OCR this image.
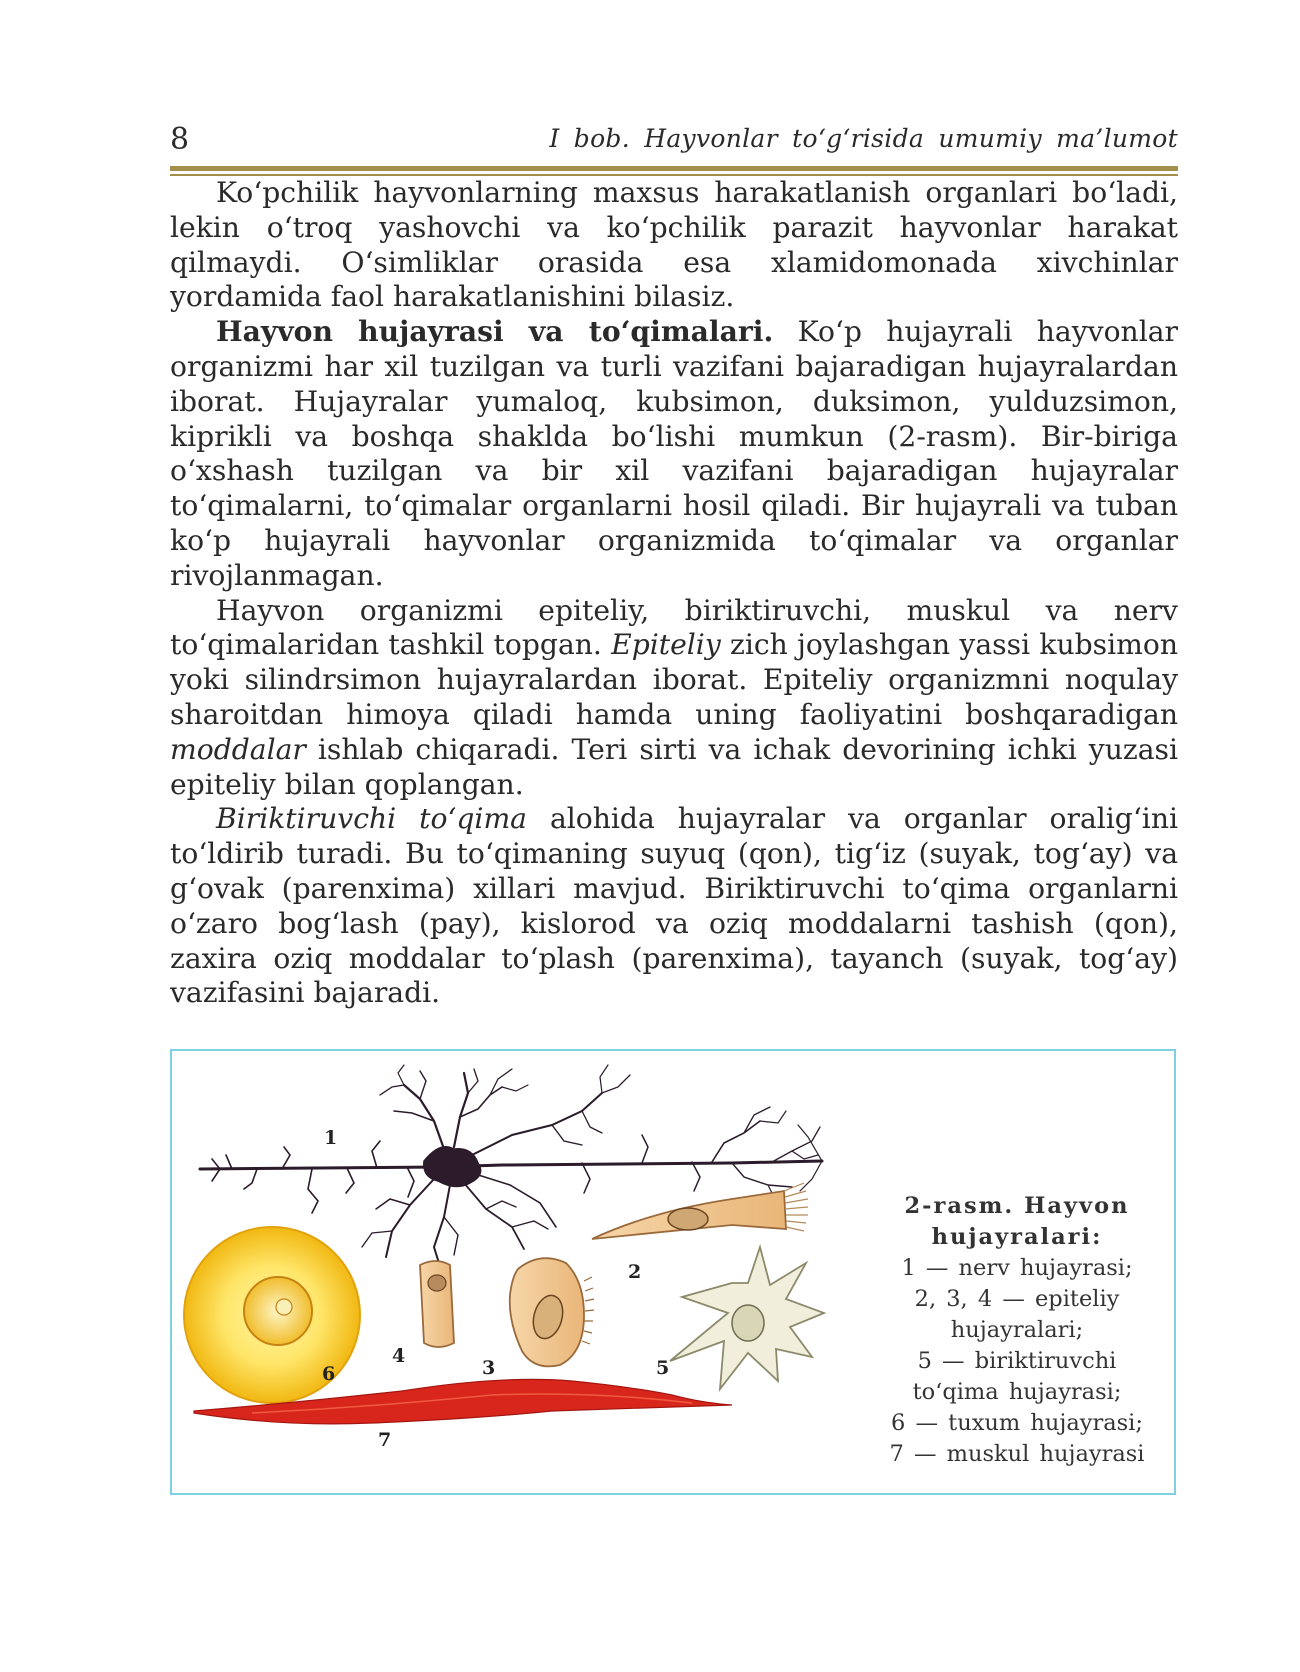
8	I bob. Hayvonlar to‘g‘risida umumiy ma’lumot

Ko‘pchilik hayvonlarning maxsus harakatlanish organlari bo‘ladi, lekin o‘troq yashovchi va ko‘pchilik parazit hayvonlar harakat qilmaydi. O‘simliklar orasida esa xlamidomonada xivchinlar yordamida faol harakatlanishini bilasiz.

Hayvon hujayrasi va to‘qimalari. Ko‘p hujayrali hayvonlar organizmi har xil tuzilgan va turli vazifani bajaradigan hujayralardan iborat. Hujayralar yumaloq, kubsimon, duksimon, yulduzsimon, kiprikli va boshqa shaklda bo‘lishi mumkun (2-rasm). Bir-biriga o‘xshash tuzilgan va bir xil vazifani bajaradigan hujayralar to‘qimalarni, to‘qimalar organlarni hosil qiladi. Bir hujayrali va tuban ko‘p hujayrali hayvonlar organizmida to‘qimalar va organlar rivojlanmagan.

Hayvon organizmi epiteliy, biriktiruvchi, muskul va nerv to‘qimalaridan tashkil topgan. Epiteliy zich joylashgan yassi kubsimon yoki silindrsimon hujayralardan iborat. Epiteliy organizmni noqulay sharoitdan himoya qiladi hamda uning faoliyatini boshqaradigan moddalar ishlab chiqaradi. Teri sirti va ichak devorining ichki yuzasi epiteliy bilan qoplangan.

Biriktiruvchi to‘qima alohida hujayralar va organlar oralig‘ini to‘ldirib turadi. Bu to‘qimaning suyuq (qon), tig‘iz (suyak, tog‘ay) va g‘ovak (parenxima) xillari mavjud. Biriktiruvchi to‘qima organlarni o‘zaro bog‘lash (pay), kislorod va oziq moddalarni tashish (qon), zaxira oziq moddalar to‘plash (parenxima), tayanch (suyak, tog‘ay) vazifasini bajaradi.

1
2
3
4
5
6
7
2-rasm. Hayvon
hujayralari:
1 — nerv hujayrasi;
2, 3, 4 — epiteliy
hujayralari;
5 — biriktiruvchi
to‘qima hujayrasi;
6 — tuxum hujayrasi;
7 — muskul hujayrasi
